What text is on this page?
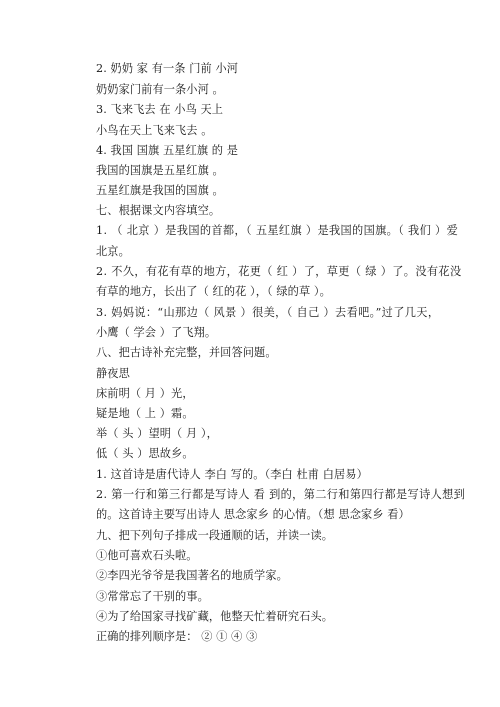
2. 奶奶 家 有一条 门前 小河
奶奶家门前有一条小河 。
3. 飞来飞去 在 小鸟 天上
小鸟在天上飞来飞去 。
4. 我国 国旗 五星红旗 的 是
我国的国旗是五星红旗 。
五星红旗是我国的国旗 。
七、根据课文内容填空。
1. （ 北京 ）是我国的首都，（ 五星红旗 ）是我国的国旗。（ 我们 ）爱
北京。
2. 不久，有花有草的地方，花更（ 红 ）了，草更（ 绿 ）了。没有花没
有草的地方，长出了（ 红的花 ），（ 绿的草 ）。
3. 妈妈说：“山那边（ 风景 ）很美，（ 自己 ）去看吧。”过了几天，
小鹰（ 学会 ）了飞翔。
八、把古诗补充完整，并回答问题。
静夜思
床前明（ 月 ）光，
疑是地（ 上 ）霜。
举（ 头 ）望明（ 月 ），
低（ 头 ）思故乡。
1. 这首诗是唐代诗人 李白 写的。（李白 杜甫 白居易）
2. 第一行和第三行都是写诗人 看 到的，第二行和第四行都是写诗人想到
的。这首诗主要写出诗人 思念家乡 的心情。（想 思念家乡 看）
九、把下列句子排成一段通顺的话，并读一读。
①他可喜欢石头啦。
②李四光爷爷是我国著名的地质学家。
③常常忘了干别的事。
④为了给国家寻找矿藏，他整天忙着研究石头。
正确的排列顺序是： ② ① ④ ③
